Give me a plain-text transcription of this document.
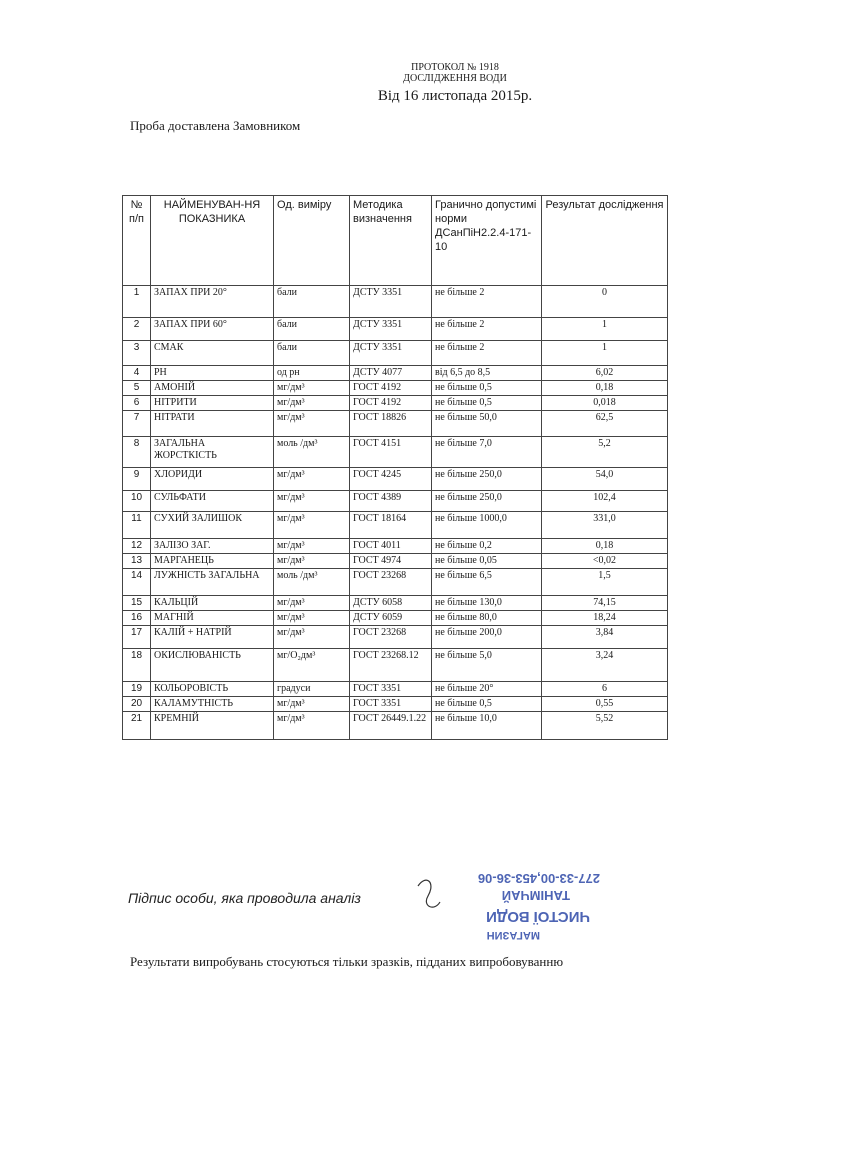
ПРОТОКОЛ № 1918
ДОСЛІДЖЕННЯ ВОДИ
Від 16 листопада 2015р.
Проба доставлена Замовником
№ п/п	НАЙМЕНУВАН-НЯ ПОКАЗНИКА	Од. виміру	Методика визначення	Гранично допустимі норми ДСанПіН2.2.4-171-10	Результат дослідження
1	ЗАПАХ ПРИ 20°	бали	ДСТУ 3351	не більше 2	0
2	ЗАПАХ ПРИ 60°	бали	ДСТУ 3351	не більше 2	1
3	СМАК	бали	ДСТУ 3351	не більше 2	1
4	РН	од рн	ДСТУ 4077	від 6,5 до 8,5	6,02
5	АМОНІЙ	мг/дм³	ГОСТ 4192	не більше 0,5	0,18
6	НІТРИТИ	мг/дм³	ГОСТ 4192	не більше 0,5	0,018
7	НІТРАТИ	мг/дм³	ГОСТ 18826	не більше 50,0	62,5
8	ЗАГАЛЬНА ЖОРСТКІСТЬ	моль /дм³	ГОСТ 4151	не більше 7,0	5,2
9	ХЛОРИДИ	мг/дм³	ГОСТ 4245	не більше 250,0	54,0
10	СУЛЬФАТИ	мг/дм³	ГОСТ 4389	не більше 250,0	102,4
11	СУХИЙ ЗАЛИШОК	мг/дм³	ГОСТ 18164	не більше 1000,0	331,0
12	ЗАЛІЗО ЗАГ.	мг/дм³	ГОСТ 4011	не більше 0,2	0,18
13	МАРГАНЕЦЬ	мг/дм³	ГОСТ 4974	не більше 0,05	<0,02
14	ЛУЖНІСТЬ ЗАГАЛЬНА	моль /дм³	ГОСТ 23268	не більше 6,5	1,5
15	КАЛЬЦІЙ	мг/дм³	ДСТУ 6058	не більше 130,0	74,15
16	МАГНІЙ	мг/дм³	ДСТУ 6059	не більше 80,0	18,24
17	КАЛІЙ + НАТРІЙ	мг/дм³	ГОСТ 23268	не більше 200,0	3,84
18	ОКИСЛЮВАНІСТЬ	мг/О₂дм³	ГОСТ 23268.12	не більше 5,0	3,24
19	КОЛЬОРОВІСТЬ	градуси	ГОСТ 3351	не більше 20°	6
20	КАЛАМУТНІСТЬ	мг/дм³	ГОСТ 3351	не більше 0,5	0,55
21	КРЕМНІЙ	мг/дм³	ГОСТ 26449.1.22	не більше 10,0	5,52
Підпис особи, яка проводила аналіз
277-33-00,453-36-06
ТАНІМЧАЙ
ЧИСТОЇ ВОДИ
МАГАЗИН
Результати випробувань стосуються тільки зразків, підданих випробовуванню
